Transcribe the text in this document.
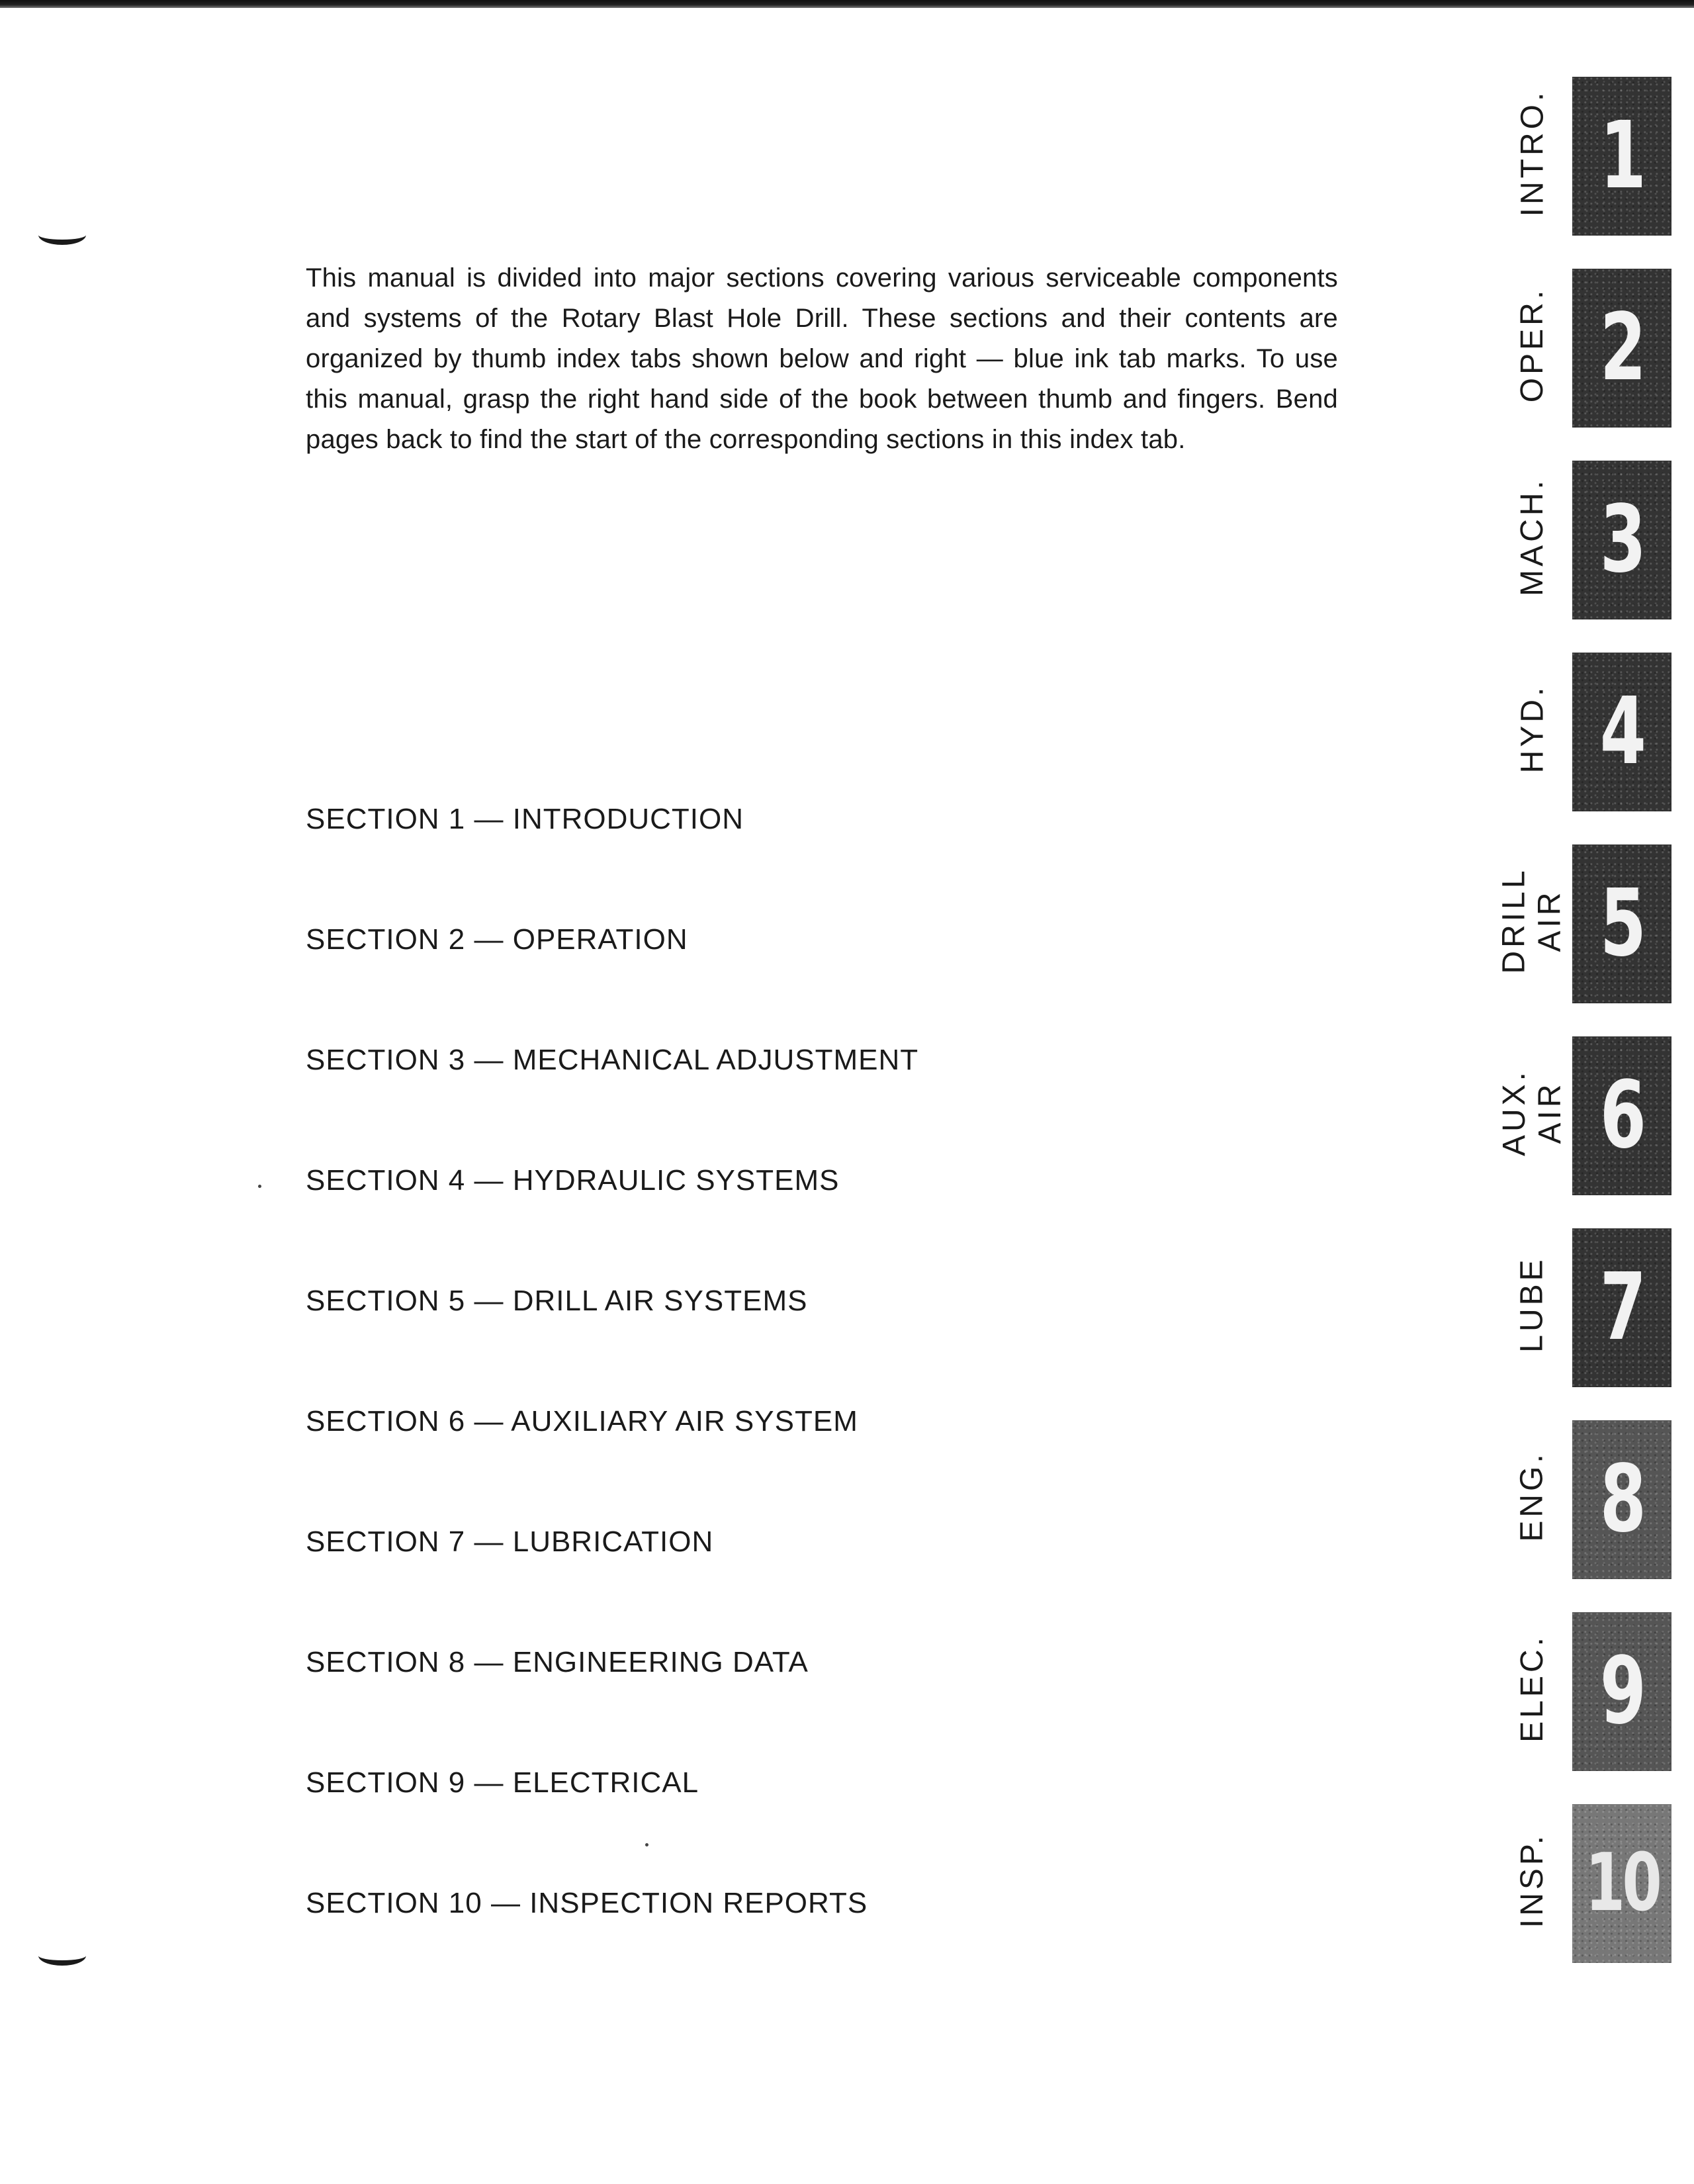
This manual is divided into major sections covering various serviceable components and systems of the Rotary Blast Hole Drill. These sections and their contents are organized by thumb index tabs shown below and right — blue ink tab marks. To use this manual, grasp the right hand side of the book between thumb and fingers. Bend pages back to find the start of the corresponding sections in this index tab.

SECTION 1 — INTRODUCTION
SECTION 2 — OPERATION
SECTION 3 — MECHANICAL ADJUSTMENT
SECTION 4 — HYDRAULIC SYSTEMS
SECTION 5 — DRILL AIR SYSTEMS
SECTION 6 — AUXILIARY AIR SYSTEM
SECTION 7 — LUBRICATION
SECTION 8 — ENGINEERING DATA
SECTION 9 — ELECTRICAL
SECTION 10 — INSPECTION REPORTS
INTRO. 1
OPER. 2
MACH. 3
HYD. 4
DRILL AIR 5
AUX. AIR 6
LUBE 7
ENG. 8
ELEC. 9
INSP. 10
